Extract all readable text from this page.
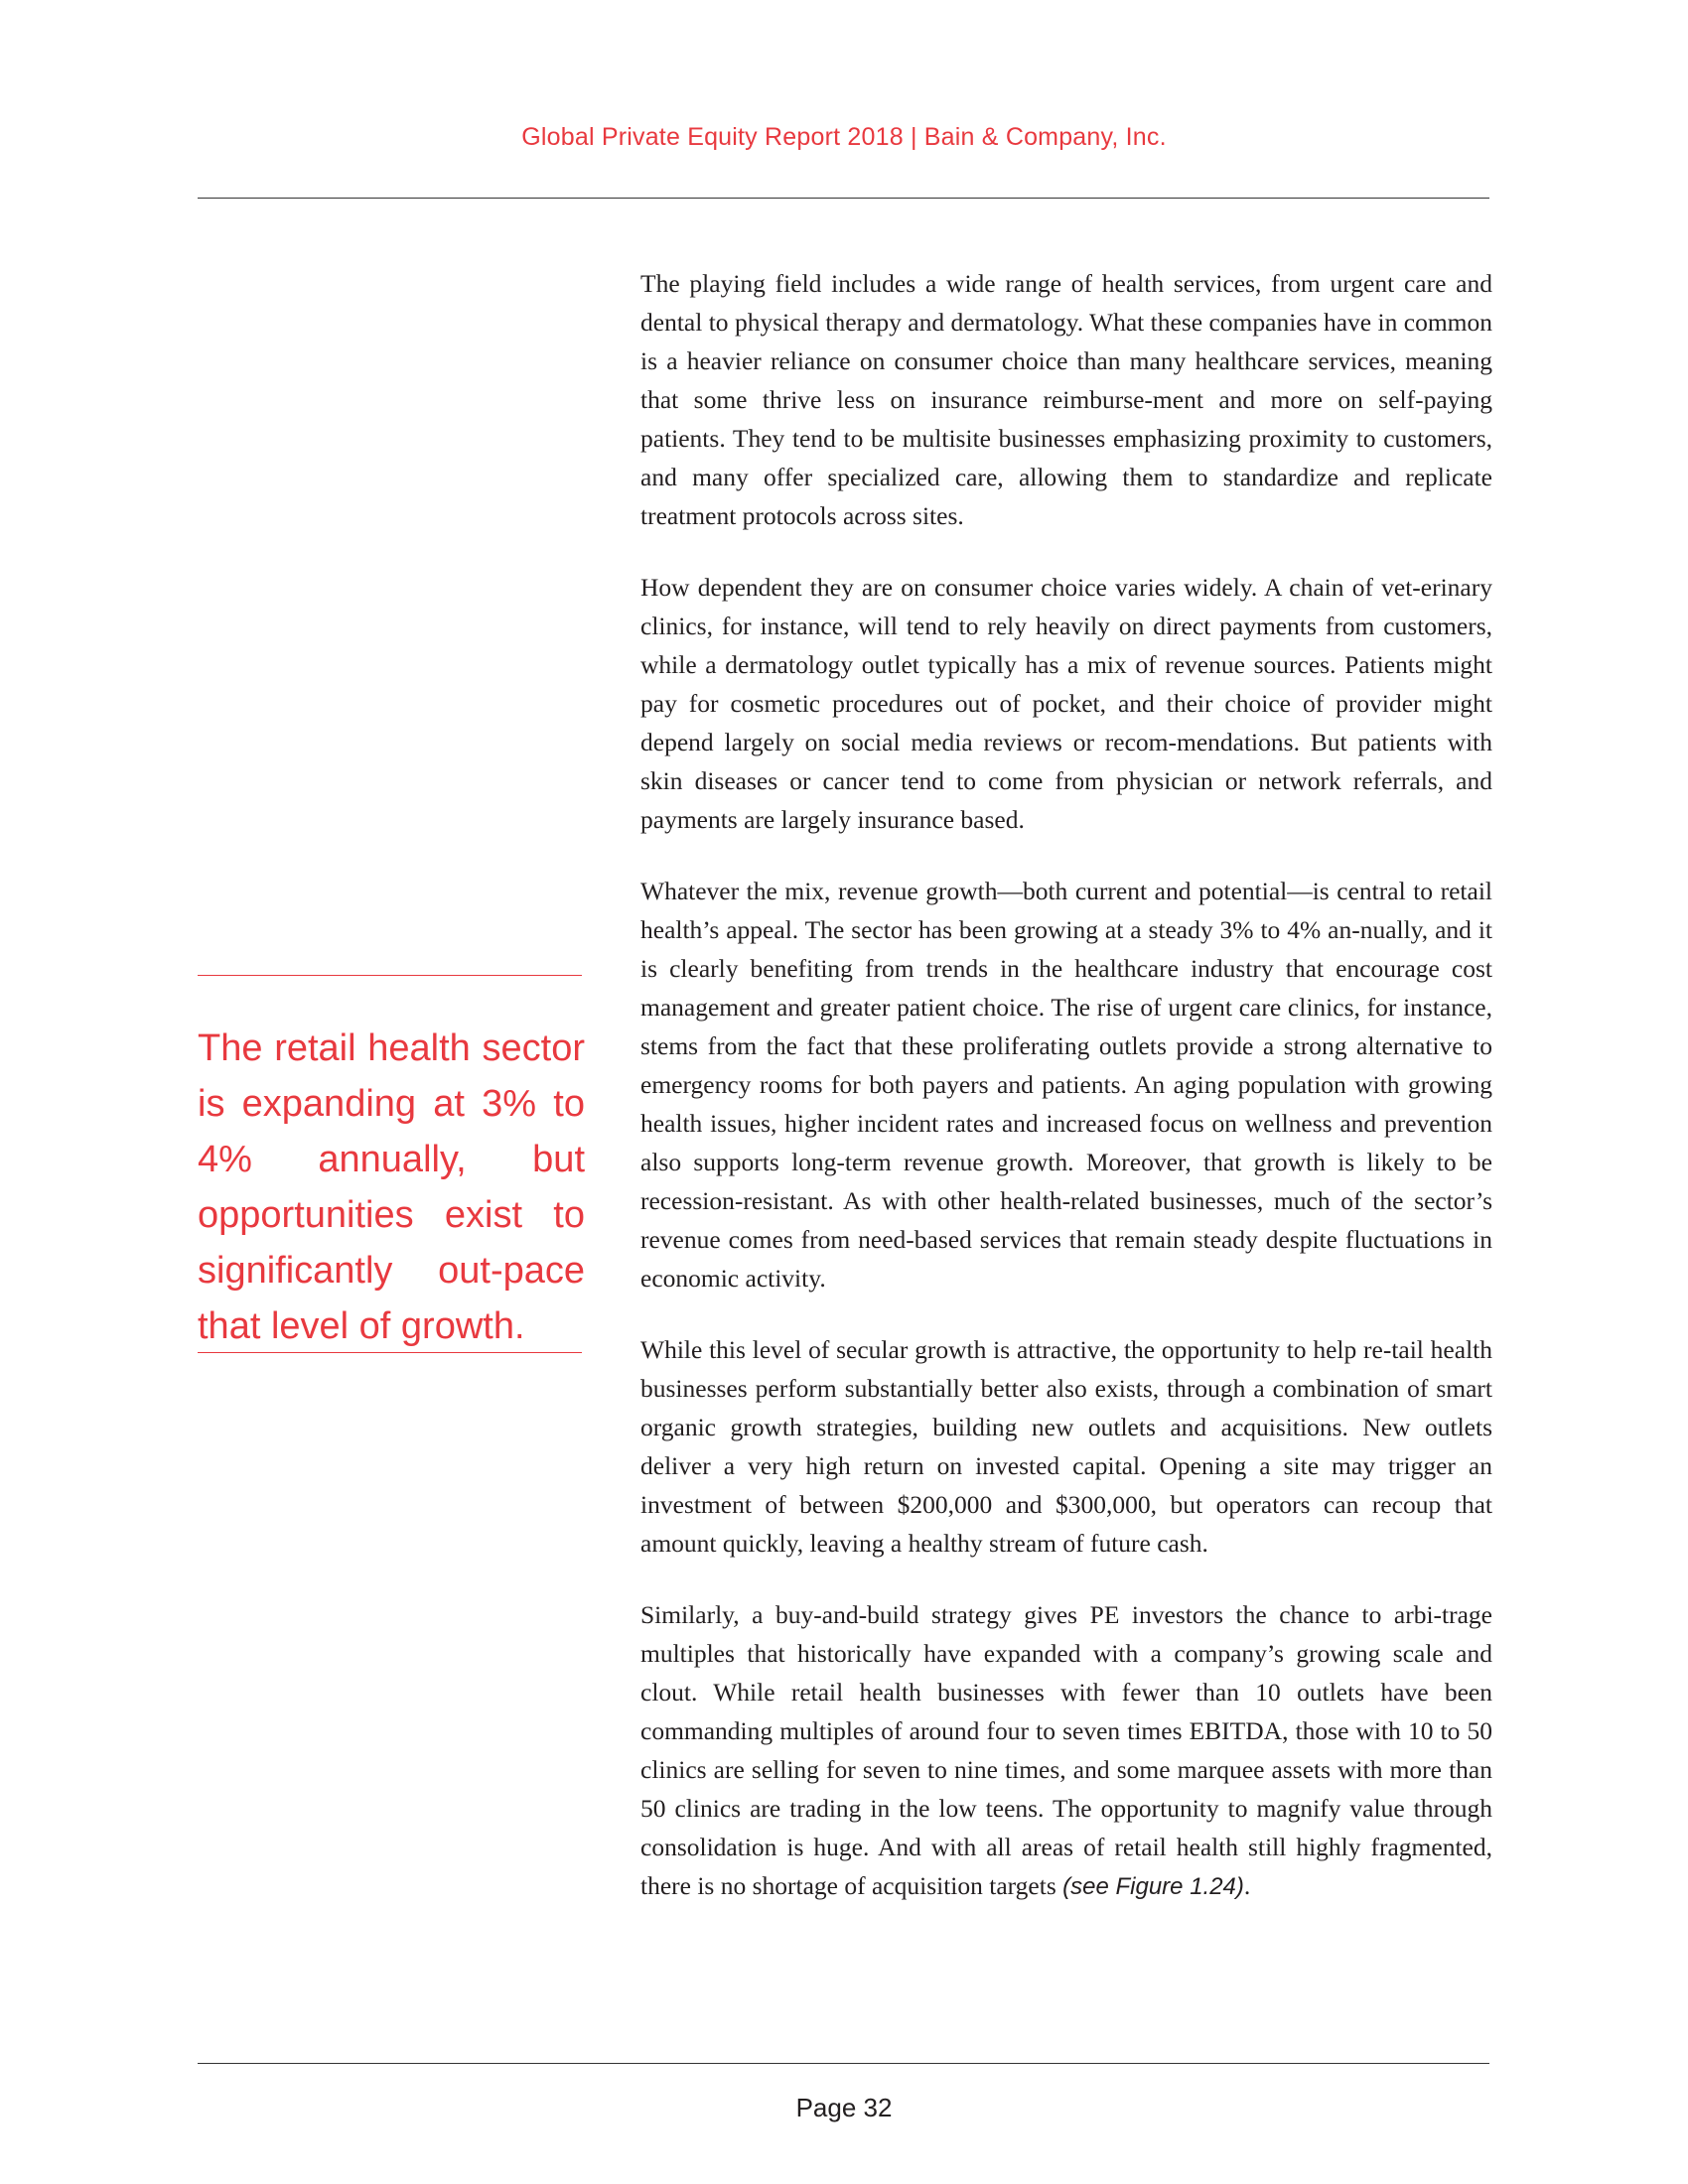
Global Private Equity Report 2018 | Bain & Company, Inc.

The retail health sector is expanding at 3% to 4% annually, but opportunities exist to significantly out-pace that level of growth.

The playing field includes a wide range of health services, from urgent care and dental to physical therapy and dermatology. What these companies have in common is a heavier reliance on consumer choice than many healthcare services, meaning that some thrive less on insurance reimburse-ment and more on self-paying patients. They tend to be multisite businesses emphasizing proximity to customers, and many offer specialized care, allowing them to standardize and replicate treatment protocols across sites.

How dependent they are on consumer choice varies widely. A chain of vet-erinary clinics, for instance, will tend to rely heavily on direct payments from customers, while a dermatology outlet typically has a mix of revenue sources. Patients might pay for cosmetic procedures out of pocket, and their choice of provider might depend largely on social media reviews or recom-mendations. But patients with skin diseases or cancer tend to come from physician or network referrals, and payments are largely insurance based.

Whatever the mix, revenue growth—both current and potential—is central to retail health’s appeal. The sector has been growing at a steady 3% to 4% an-nually, and it is clearly benefiting from trends in the healthcare industry that encourage cost management and greater patient choice. The rise of urgent care clinics, for instance, stems from the fact that these proliferating outlets provide a strong alternative to emergency rooms for both payers and patients. An aging population with growing health issues, higher incident rates and increased focus on wellness and prevention also supports long-term revenue growth. Moreover, that growth is likely to be recession-resistant. As with other health-related businesses, much of the sector’s revenue comes from need-based services that remain steady despite fluctuations in economic activity.

While this level of secular growth is attractive, the opportunity to help re-tail health businesses perform substantially better also exists, through a combination of smart organic growth strategies, building new outlets and acquisitions. New outlets deliver a very high return on invested capital. Opening a site may trigger an investment of between $200,000 and $300,000, but operators can recoup that amount quickly, leaving a healthy stream of future cash.

Similarly, a buy-and-build strategy gives PE investors the chance to arbi-trage multiples that historically have expanded with a company’s growing scale and clout. While retail health businesses with fewer than 10 outlets have been commanding multiples of around four to seven times EBITDA, those with 10 to 50 clinics are selling for seven to nine times, and some marquee assets with more than 50 clinics are trading in the low teens. The opportunity to magnify value through consolidation is huge. And with all areas of retail health still highly fragmented, there is no shortage of acquisition targets (see Figure 1.24).

Page 32
